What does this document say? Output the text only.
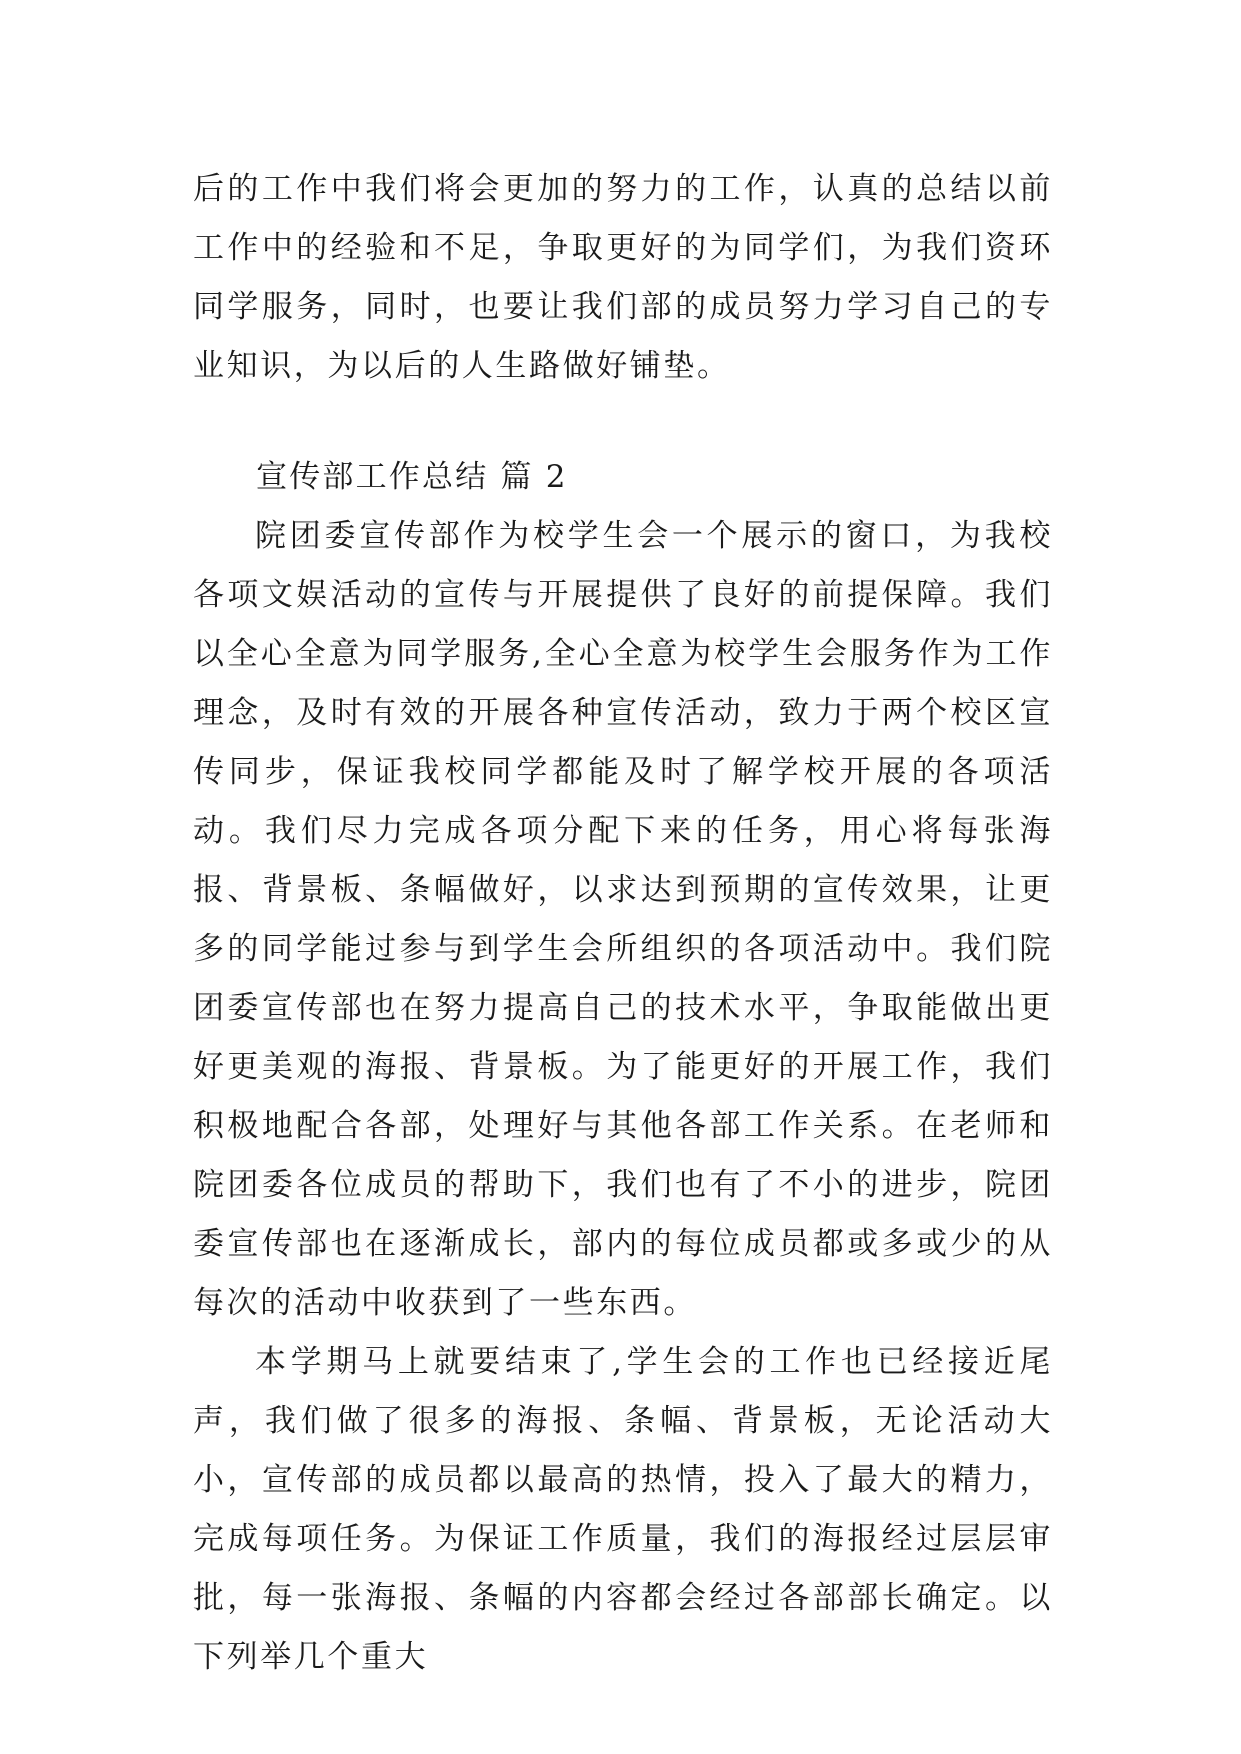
后的工作中我们将会更加的努力的工作，认真的总结以前工作中的经验和不足，争取更好的为同学们，为我们资环同学服务，同时，也要让我们部的成员努力学习自己的专业知识，为以后的人生路做好铺垫。

宣传部工作总结 篇 2

院团委宣传部作为校学生会一个展示的窗口，为我校各项文娱活动的宣传与开展提供了良好的前提保障。我们以全心全意为同学服务,全心全意为校学生会服务作为工作理念，及时有效的开展各种宣传活动，致力于两个校区宣传同步，保证我校同学都能及时了解学校开展的各项活动。我们尽力完成各项分配下来的任务，用心将每张海报、背景板、条幅做好，以求达到预期的宣传效果，让更多的同学能过参与到学生会所组织的各项活动中。我们院团委宣传部也在努力提高自己的技术水平，争取能做出更好更美观的海报、背景板。为了能更好的开展工作，我们积极地配合各部，处理好与其他各部工作关系。在老师和院团委各位成员的帮助下，我们也有了不小的进步，院团委宣传部也在逐渐成长，部内的每位成员都或多或少的从每次的活动中收获到了一些东西。

本学期马上就要结束了,学生会的工作也已经接近尾声，我们做了很多的海报、条幅、背景板，无论活动大小，宣传部的成员都以最高的热情，投入了最大的精力，完成每项任务。为保证工作质量，我们的海报经过层层审批，每一张海报、条幅的内容都会经过各部部长确定。以下列举几个重大
